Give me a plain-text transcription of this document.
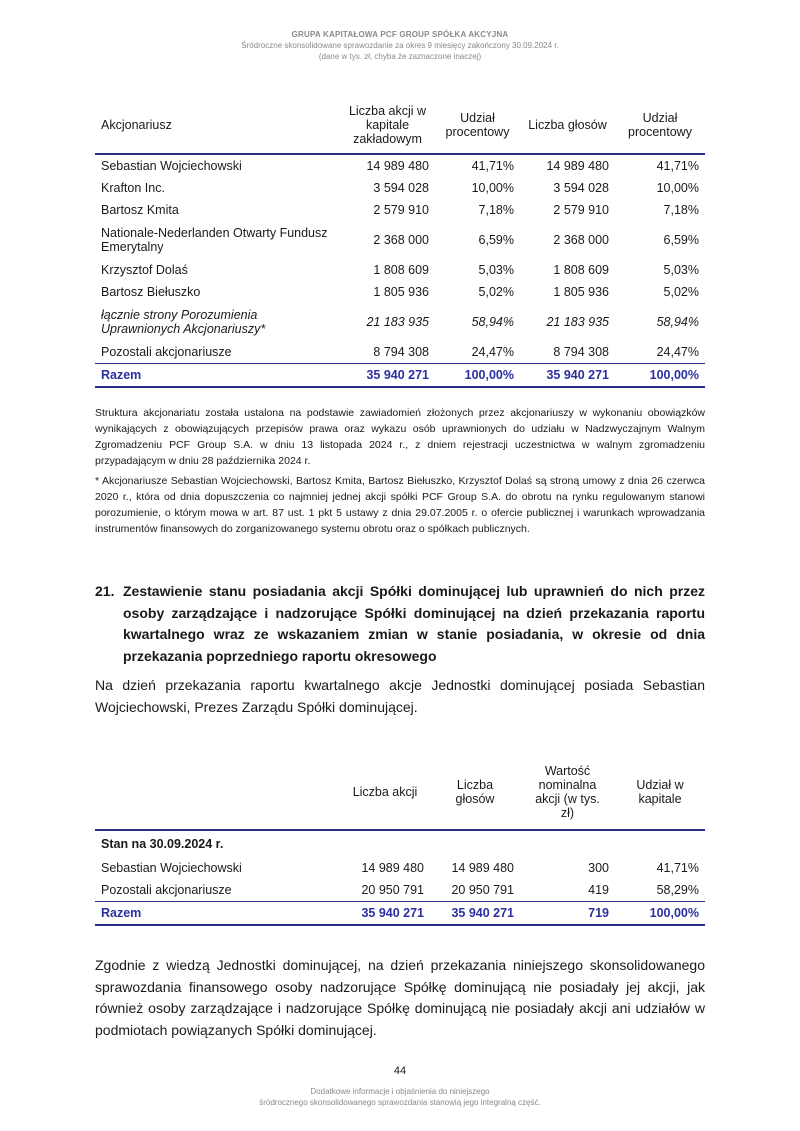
GRUPA KAPITAŁOWA PCF GROUP SPÓŁKA AKCYJNA
Śródroczne skonsolidowane sprawozdanie za okres 9 miesięcy zakończony 30.09.2024 r.
(dane w tys. zł, chyba że zaznaczone inaczej)
Akcjonariusz	Liczba akcji w kapitale zakładowym	Udział procentowy	Liczba głosów	Udział procentowy
Sebastian Wojciechowski	14 989 480	41,71%	14 989 480	41,71%
Krafton Inc.	3 594 028	10,00%	3 594 028	10,00%
Bartosz Kmita	2 579 910	7,18%	2 579 910	7,18%
Nationale-Nederlanden Otwarty Fundusz Emerytalny	2 368 000	6,59%	2 368 000	6,59%
Krzysztof Dolaś	1 808 609	5,03%	1 808 609	5,03%
Bartosz Biełuszko	1 805 936	5,02%	1 805 936	5,02%
łącznie strony Porozumienia Uprawnionych Akcjonariuszy*	21 183 935	58,94%	21 183 935	58,94%
Pozostali akcjonariusze	8 794 308	24,47%	8 794 308	24,47%
Razem	35 940 271	100,00%	35 940 271	100,00%

Struktura akcjonariatu została ustalona na podstawie zawiadomień złożonych przez akcjonariuszy w wykonaniu obowiązków wynikających z obowiązujących przepisów prawa oraz wykazu osób uprawnionych do udziału w Nadzwyczajnym Walnym Zgromadzeniu PCF Group S.A. w dniu 13 listopada 2024 r., z dniem rejestracji uczestnictwa w walnym zgromadzeniu przypadającym w dniu 28 października 2024 r.

* Akcjonariusze Sebastian Wojciechowski, Bartosz Kmita, Bartosz Biełuszko, Krzysztof Dolaś są stroną umowy z dnia 26 czerwca 2020 r., która od dnia dopuszczenia co najmniej jednej akcji spółki PCF Group S.A. do obrotu na rynku regulowanym stanowi porozumienie, o którym mowa w art. 87 ust. 1 pkt 5 ustawy z dnia 29.07.2005 r. o ofercie publicznej i warunkach wprowadzania instrumentów finansowych do zorganizowanego systemu obrotu oraz o spółkach publicznych.

21. Zestawienie stanu posiadania akcji Spółki dominującej lub uprawnień do nich przez osoby zarządzające i nadzorujące Spółki dominującej na dzień przekazania raportu kwartalnego wraz ze wskazaniem zmian w stanie posiadania, w okresie od dnia przekazania poprzedniego raportu okresowego

Na dzień przekazania raportu kwartalnego akcje Jednostki dominującej posiada Sebastian Wojciechowski, Prezes Zarządu Spółki dominującej.

	Liczba akcji	Liczba głosów	Wartość nominalna akcji (w tys. zł)	Udział w kapitale
Stan na 30.09.2024 r.				
Sebastian Wojciechowski	14 989 480	14 989 480	300	41,71%
Pozostali akcjonariusze	20 950 791	20 950 791	419	58,29%
Razem	35 940 271	35 940 271	719	100,00%

Zgodnie z wiedzą Jednostki dominującej, na dzień przekazania niniejszego skonsolidowanego sprawozdania finansowego osoby nadzorujące Spółkę dominującą nie posiadały jej akcji, jak również osoby zarządzające i nadzorujące Spółkę dominującą nie posiadały akcji ani udziałów w podmiotach powiązanych Spółki dominującej.

44
Dodatkowe informacje i objaśnienia do niniejszego
śródrocznego skonsolidowanego sprawozdania stanowią jego integralną część.
